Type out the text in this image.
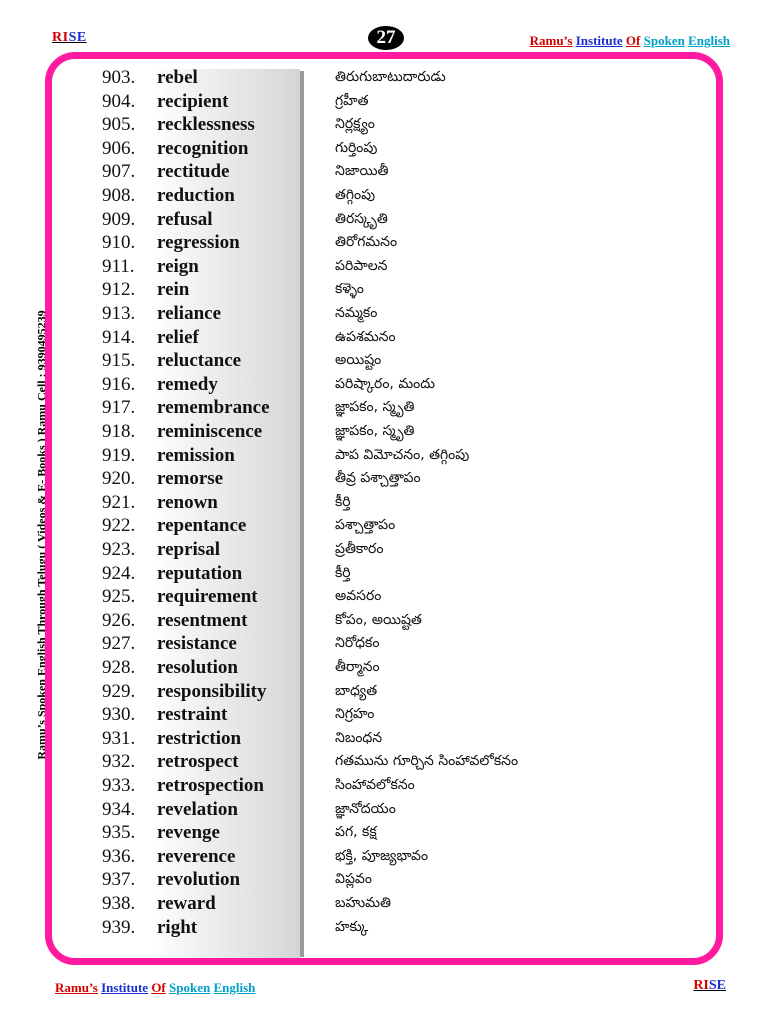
RISE	27	Ramu’s Institute Of Spoken English
Ramu’s Spoken English Through Telugu ( Videos & E- Books ) Ramu Cell : 9390495239
903.	rebel	తిరుగుబాటుదారుడు
904.	recipient	గ్రహీత
905.	recklessness	నిర్లక్ష్యం
906.	recognition	గుర్తింపు
907.	rectitude	నిజాయితీ
908.	reduction	తగ్గింపు
909.	refusal	తిరస్కృతి
910.	regression	తిరోగమనం
911.	reign	పరిపాలన
912.	rein	కళ్ళెం
913.	reliance	నమ్మకం
914.	relief	ఉపశమనం
915.	reluctance	అయిష్టం
916.	remedy	పరిష్కారం, మందు
917.	remembrance	జ్ఞాపకం, స్మృతి
918.	reminiscence	జ్ఞాపకం, స్మృతి
919.	remission	పాప విమోచనం, తగ్గింపు
920.	remorse	తీవ్ర పశ్చాత్తాపం
921.	renown	కీర్తి
922.	repentance	పశ్చాత్తాపం
923.	reprisal	ప్రతీకారం
924.	reputation	కీర్తి
925.	requirement	అవసరం
926.	resentment	కోపం, అయిష్టత
927.	resistance	నిరోధకం
928.	resolution	తీర్మానం
929.	responsibility	బాధ్యత
930.	restraint	నిగ్రహం
931.	restriction	నిబంధన
932.	retrospect	గతమును గూర్చిన సింహావలోకనం
933.	retrospection	సింహావలోకనం
934.	revelation	జ్ఞానోదయం
935.	revenge	పగ, కక్ష
936.	reverence	భక్తి, పూజ్యభావం
937.	revolution	విప్లవం
938.	reward	బహుమతి
939.	right	హక్కు
Ramu’s Institute Of Spoken English	RISE
